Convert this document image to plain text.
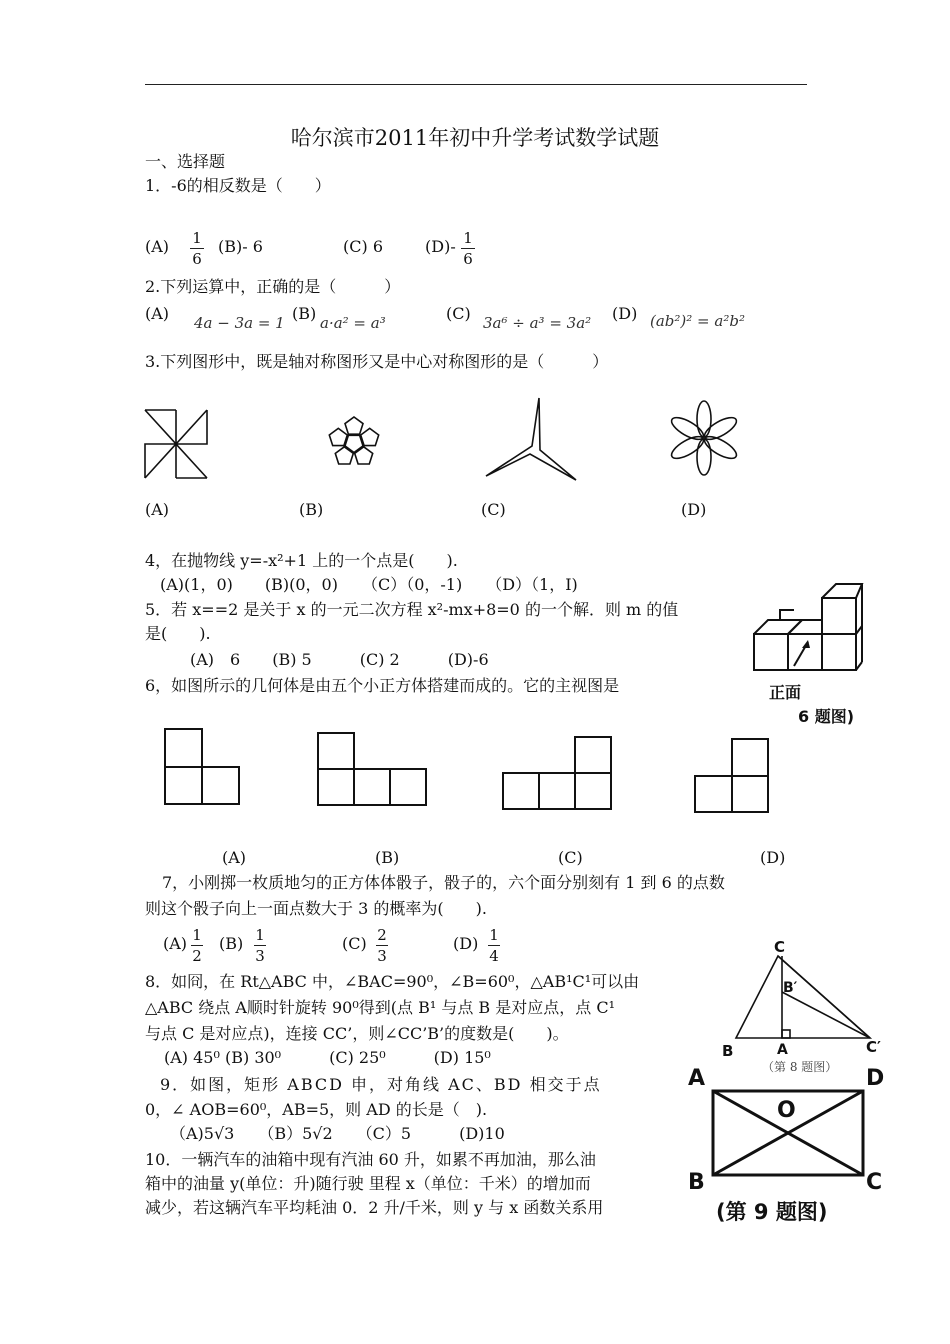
哈尔滨市2011年初中升学考试数学试题
一、选择题
1．-6的相反数是（　　）
(A) 1
6
(B)- 6	(C) 6	(D)- 1
6
2.下列运算中，正确的是（　　　）
(A) 4a − 3a = 1 (B) a·a² = a³	(C) 3a⁶ ÷ a³ = 3a² (D) (ab²)² = a²b²
3.下列图形中，既是轴对称图形又是中心对称图形的是（　　　）
(A)	(B)	(C)	(D)
4，在抛物线 y=-x²+1 上的一个点是(　　).
(A)(1，0)　　(B)(0，0)　　（C）（0，-1)　　（D）（1，I)
5．若 x==2 是关于 x 的一元二次方程 x²-mx+8=0 的一个解．则 m 的值
是(　　).
(A)　6　　(B) 5　　　(C) 2　　　(D)-6
6，如图所示的几何体是由五个小正方体搭建而成的。它的主视图是	正面
6 题图)
(A)	(B)	(C)	(D)
7，小刚掷一枚质地匀的正方体体骰子，骰子的，六个面分别刻有 1 到 6 的点数
则这个骰子向上一面点数大于 3 的概率为(　　).
(A) 1
2
(B) 1
3
(C) 2
3
(D) 1
4
8．如冏，在 Rt△ABC 中，∠BAC=90⁰，∠B=60⁰，△AB¹C¹可以由
△ABC 绕点 A顺时针旋转 90⁰得到(点 B¹ 与点 B 是对应点，点 C¹
与点 C 是对应点)，连接 CC’，则∠CC’B’的度数是(　　)。
(A) 45⁰ (B) 30⁰　　　(C) 25⁰　　　(D) 15⁰
C
B′
B	A	C′
（第 8 题图）
9．如图，矩形 ABCD 申，对角线 AC、BD 相交于点
0，∠ AOB=60⁰，AB=5，则 AD 的长是（　).
（A)5√3　　（B）5√2　　（C）5　　　(D)10
A	D
O
B	C
(第 9 题图)
10．一辆汽车的油箱中现有汽油 60 升，如累不再加油，那么油
箱中的油量 y(单位：升)随行驶 里程 x（单位：千米）的增加而
减少，若这辆汽车平均耗油 0．2 升/千米，则 y 与 x 函数关系用
